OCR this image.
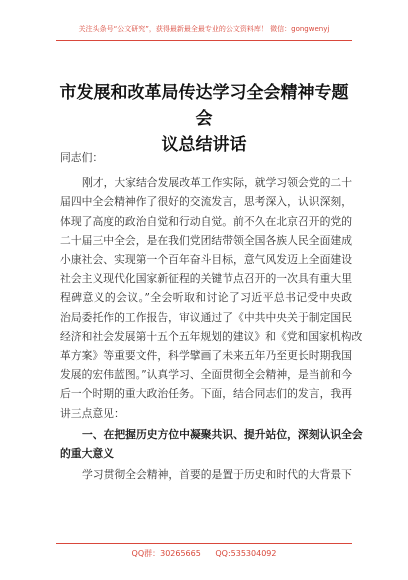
关注头条号“公文研究”，获得最新最全最专业的公文资料库！ 微信：gongwenyj
市发展和改革局传达学习全会精神专题会
议总结讲话
同志们：
刚才，大家结合发展改革工作实际，就学习领会党的二十
届四中全会精神作了很好的交流发言，思考深入，认识深刻，
体现了高度的政治自觉和行动自觉。前不久在北京召开的党的
二十届三中全会，是在我们党团结带领全国各族人民全面建成
小康社会、实现第一个百年奋斗目标，意气风发迈上全面建设
社会主义现代化国家新征程的关键节点召开的一次具有重大里
程碑意义的会议。”全会听取和讨论了习近平总书记受中央政
治局委托作的工作报告，审议通过了《中共中央关于制定国民
经济和社会发展第十五个五年规划的建议》和《党和国家机构改
革方案》等重要文件，科学擘画了未来五年乃至更长时期我国
发展的宏伟蓝图。”认真学习、全面贯彻全会精神，是当前和今
后一个时期的重大政治任务。下面，结合同志们的发言，我再
讲三点意见：
一、在把握历史方位中凝聚共识、提升站位，深刻认识全会
的重大意义
学习贯彻全会精神，首要的是置于历史和时代的大背景下
QQ群：30265665 QQ:535304092
